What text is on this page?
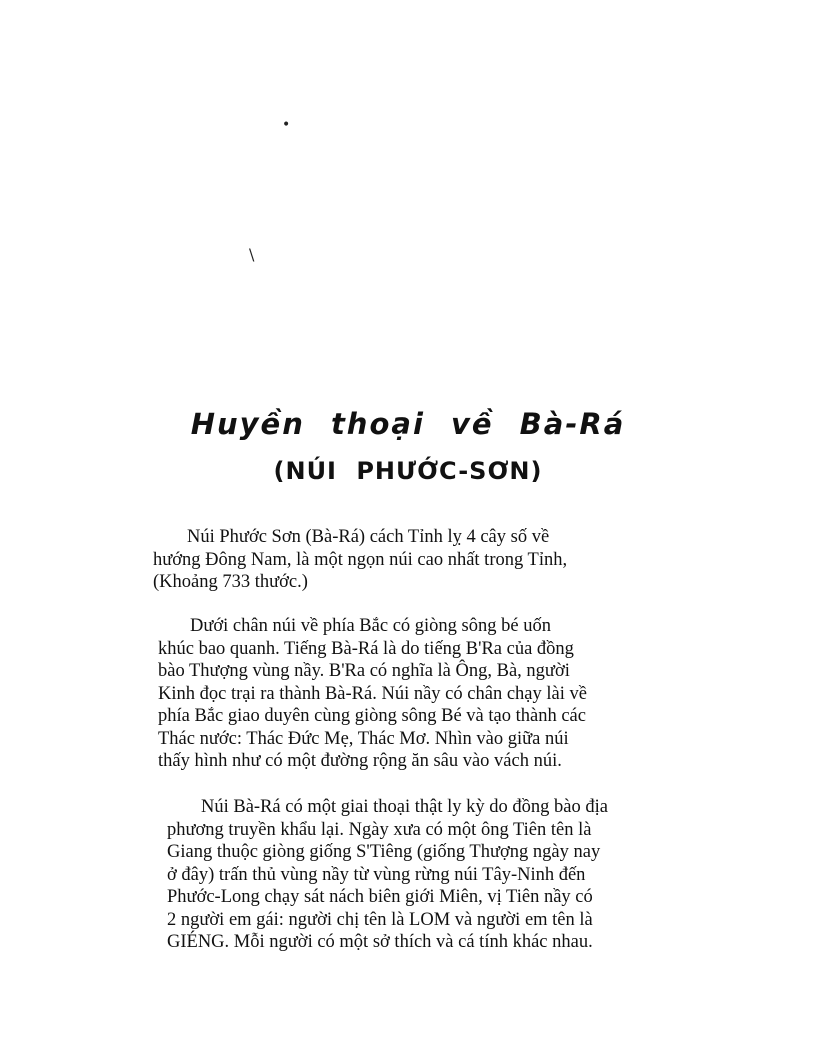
•
\
Huyền thoại về Bà-Rá
(NÚI PHƯỚC-SƠN)
Núi Phước Sơn (Bà-Rá) cách Tỉnh lỵ 4 cây số về
hướng Đông Nam, là một ngọn núi cao nhất trong Tỉnh,
(Khoảng 733 thước.)
Dưới chân núi về phía Bắc có giòng sông bé uốn
khúc bao quanh. Tiếng Bà-Rá là do tiếng B'Ra của đồng
bào Thượng vùng nầy. B'Ra có nghĩa là Ông, Bà, người
Kinh đọc trại ra thành Bà-Rá. Núi nầy có chân chạy lài về
phía Bắc giao duyên cùng giòng sông Bé và tạo thành các
Thác nước: Thác Đức Mẹ, Thác Mơ. Nhìn vào giữa núi
thấy hình như có một đường rộng ăn sâu vào vách núi.
Núi Bà-Rá có một giai thoại thật ly kỳ do đồng bào địa
phương truyền khẩu lại. Ngày xưa có một ông Tiên tên là
Giang thuộc giòng giống S'Tiêng (giống Thượng ngày nay
ở đây) trấn thủ vùng nầy từ vùng rừng núi Tây-Ninh đến
Phước-Long chạy sát nách biên giới Miên, vị Tiên nầy có
2 người em gái: người chị tên là LOM và người em tên là
GIÉNG. Mỗi người có một sở thích và cá tính khác nhau.
